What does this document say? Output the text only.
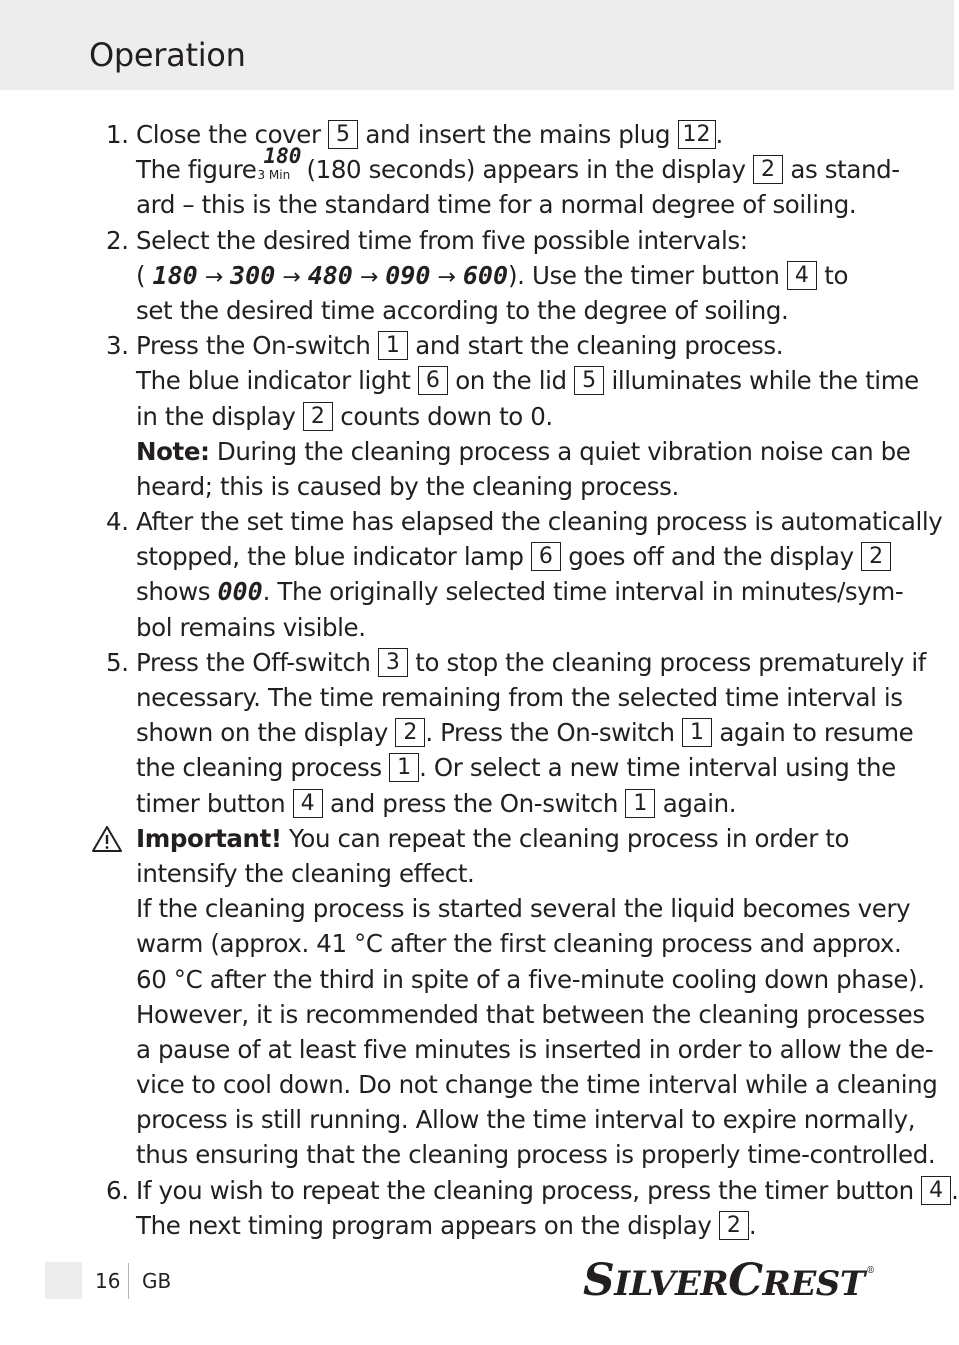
Operation
1. Close the cover 5 and insert the mains plug 12 .
The figure 180
3 Min (180 seconds) appears in the display 2 as stand-
ard – this is the standard time for a normal degree of soiling.
2. Select the desired time from five possible intervals:
( 180 → 300 → 480 → 090 → 600). Use the timer button 4 to
set the desired time according to the degree of soiling.
3. Press the On-switch 1 and start the cleaning process.
The blue indicator light 6 on the lid 5 illuminates while the time
in the display 2 counts down to 0.
Note: During the cleaning process a quiet vibration noise can be
heard; this is caused by the cleaning process.
4. After the set time has elapsed the cleaning process is automatically
stopped, the blue indicator lamp 6 goes off and the display 2
shows 000. The originally selected time interval in minutes/sym-
bol remains visible.
5. Press the Off-switch 3 to stop the cleaning process prematurely if
necessary. The time remaining from the selected time interval is
shown on the display 2 . Press the On-switch 1 again to resume
the cleaning process 1 . Or select a new time interval using the
timer button 4 and press the On-switch 1 again.
Important! You can repeat the cleaning process in order to
intensify the cleaning effect.
If the cleaning process is started several the liquid becomes very
warm (approx. 41 °C after the first cleaning process and approx.
60 °C after the third in spite of a five-minute cooling down phase).
However, it is recommended that between the cleaning processes
a pause of at least five minutes is inserted in order to allow the de-
vice to cool down. Do not change the time interval while a cleaning
process is still running. Allow the time interval to expire normally,
thus ensuring that the cleaning process is properly time-controlled.
6. If you wish to repeat the cleaning process, press the timer button 4 .
The next timing program appears on the display 2 .
16 GB	SILVERCREST ®
